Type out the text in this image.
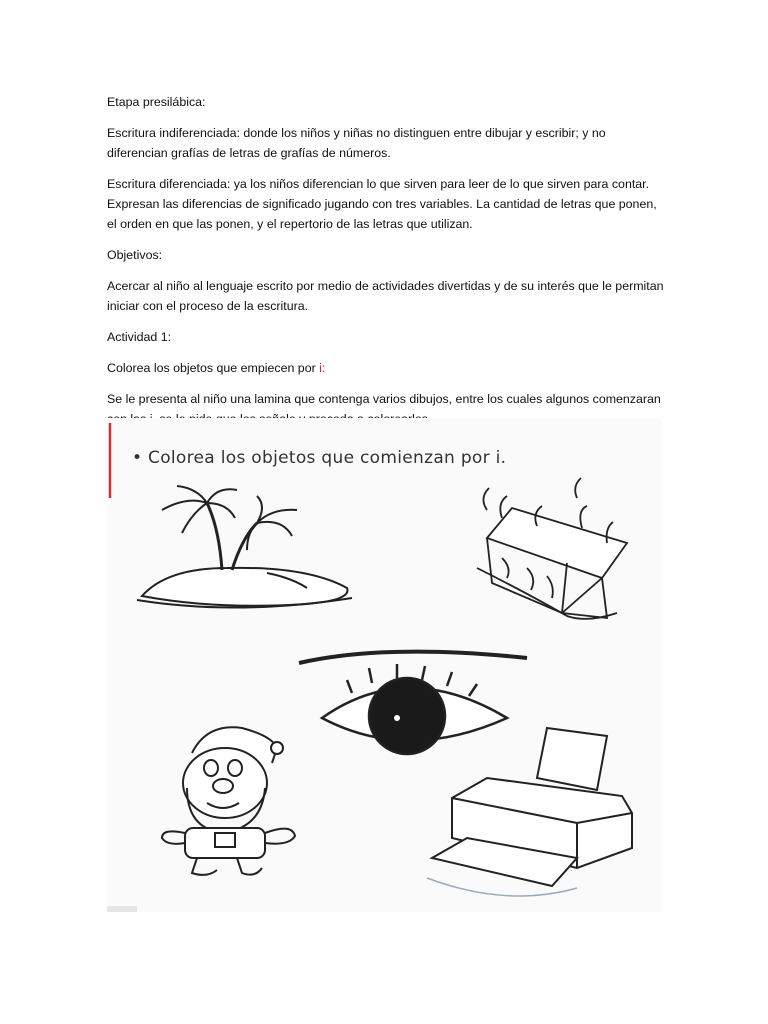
Etapa presilábica:

Escritura indiferenciada: donde los niños y niñas no distinguen entre dibujar y escribir; y no diferencian grafías de letras de grafías de números.

Escritura diferenciada: ya los niños diferencian lo que sirven para leer de lo que sirven para contar. Expresan las diferencias de significado jugando con tres variables. La cantidad de letras que ponen, el orden en que las ponen, y el repertorio de las letras que utilizan.

Objetivos:

Acercar al niño al lenguaje escrito por medio de actividades divertidas y de su interés que le permitan iniciar con el proceso de la escritura.

Actividad 1:

Colorea los objetos que empiecen por i:

Se le presenta al niño una lamina que contenga varios dibujos, entre los cuales algunos comenzaran

• Colorea los objetos que comienzan por i.
